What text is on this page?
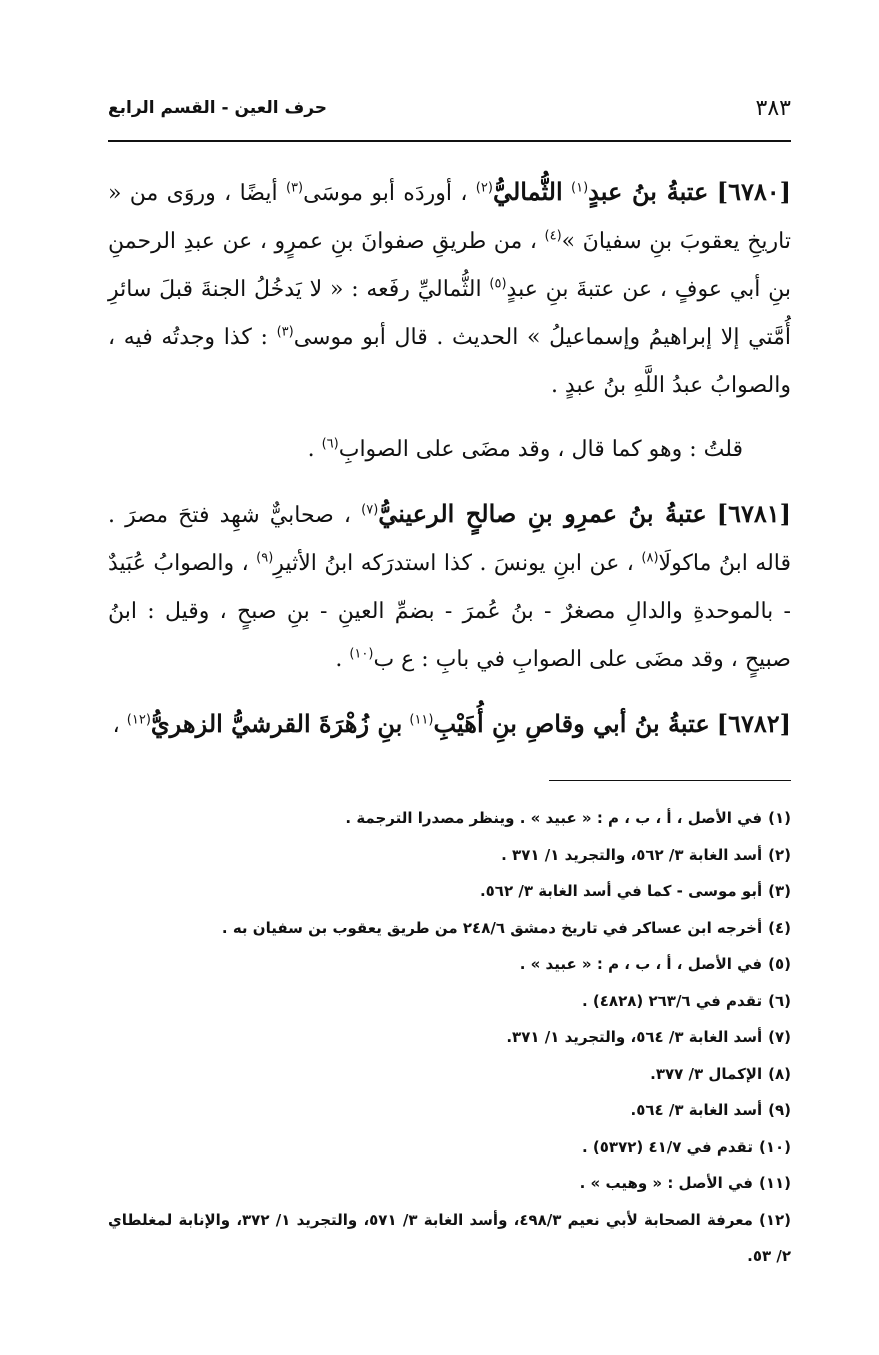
٣٨٣
حرف العين - القسم الرابع

[٦٧٨٠] عتبةُ بنُ عبدٍ$^{(١)}$ الثُّماليُّ$^{(٢)}$ ، أوردَه أبو موسَى$^{(٣)}$ أيضًا ، وروَى من « تاريخِ يعقوبَ بنِ سفيانَ »$^{(٤)}$ ، من طريقِ صفوانَ بنِ عمرٍو ، عن عبدِ الرحمنِ بنِ أبي عوفٍ ، عن عتبةَ بنِ عبدٍ$^{(٥)}$ الثُّماليِّ رفَعه : « لا يَدخُلُ الجنةَ قبلَ سائرِ أُمَّتي إلا إبراهيمُ وإسماعيلُ » الحديث . قال أبو موسى$^{(٣)}$ : كذا وجدتُه فيه ، والصوابُ عبدُ اللَّهِ بنُ عبدٍ .

قلتُ : وهو كما قال ، وقد مضَى على الصوابِ$^{(٦)}$ .

[٦٧٨١] عتبةُ بنُ عمرِو بنِ صالحٍ الرعينيُّ$^{(٧)}$ ، صحابيٌّ شهِد فتحَ مصرَ . قاله ابنُ ماكولَا$^{(٨)}$ ، عن ابنِ يونسَ . كذا استدرَكه ابنُ الأثيرِ$^{(٩)}$ ، والصوابُ عُبَيدٌ - بالموحدةِ والدالِ مصغرٌ - بنُ عُمرَ - بضمِّ العينِ - بنِ صبحٍ ، وقيل : ابنُ صبيحٍ ، وقد مضَى على الصوابِ في بابِ : ع ب$^{(١٠)}$ .

[٦٧٨٢] عتبةُ بنُ أبي وقاصِ بنِ أُهَيْبِ$^{(١١)}$ بنِ زُهْرَةَ القرشيُّ الزهريُّ$^{(١٢)}$ ،

(١)في الأصل ، أ ، ب ، م : « عبيد » . وينظر مصدرا الترجمة .

(٢)أسد الغابة ٣/ ٥٦٢، والتجريد ١/ ٣٧١ .

(٣)أبو موسى - كما في أسد الغابة ٣/ ٥٦٢.

(٤)أخرجه ابن عساكر في تاريخ دمشق ٢٤٨/٦ من طريق يعقوب بن سفيان به .

(٥)في الأصل ، أ ، ب ، م : « عبيد » .

(٦)تقدم في ٢٦٣/٦ (٤٨٢٨) .

(٧)أسد الغابة ٣/ ٥٦٤، والتجريد ١/ ٣٧١.

(٨)الإكمال ٣/ ٣٧٧.

(٩)أسد الغابة ٣/ ٥٦٤.

(١٠)تقدم في ٤١/٧ (٥٣٧٢) .

(١١)في الأصل : « وهيب » .

(١٢)معرفة الصحابة لأبي نعيم ٤٩٨/٣، وأسد الغابة ٣/ ٥٧١، والتجريد ١/ ٣٧٢، والإنابة لمغلطاي ٢/ ٥٣.
